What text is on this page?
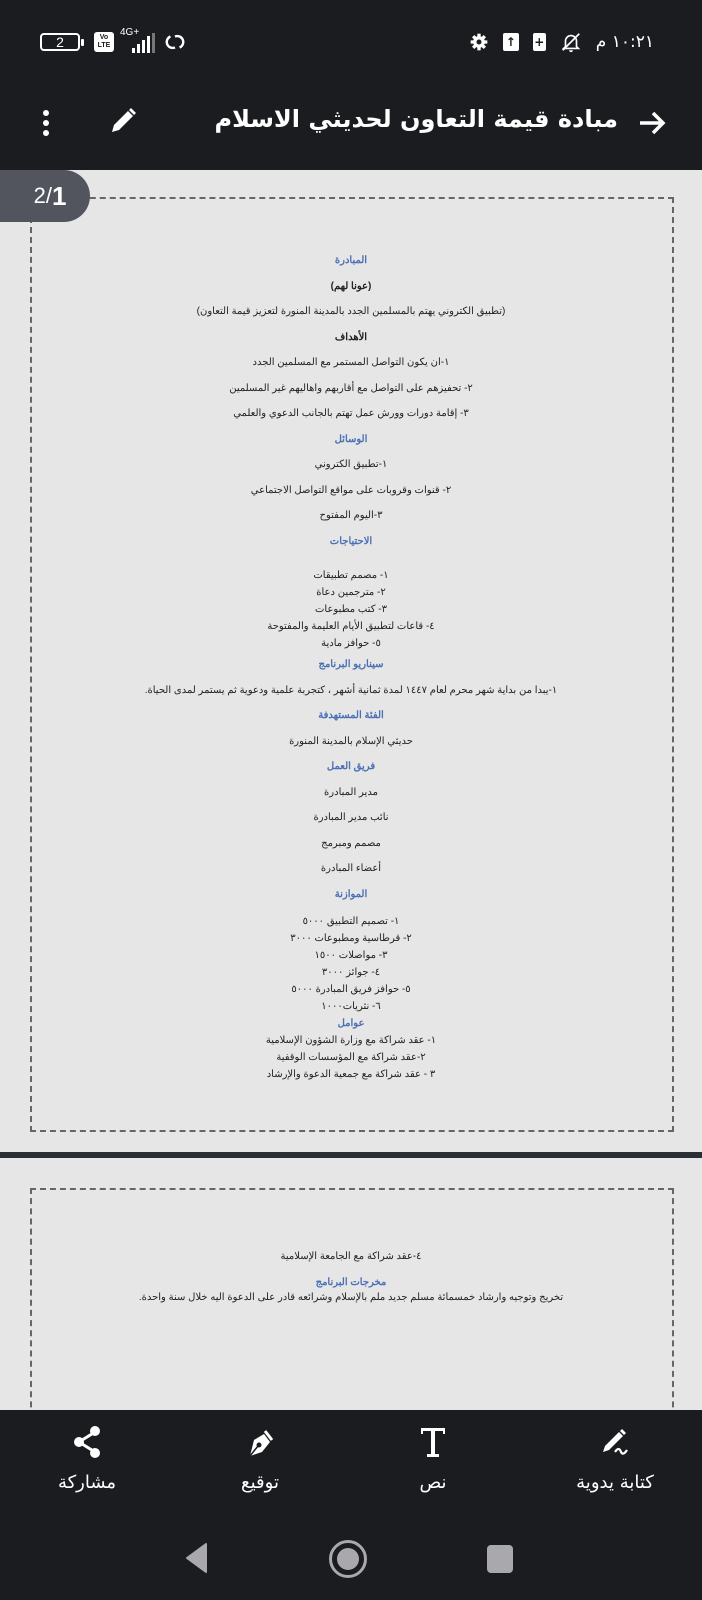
2	Vo
LTE
4G+
↑ +	١٠:٢١ م
مبادة قيمة التعاون لحديثي الاسلام
المبادرة
(عونا لهم)
(تطبيق الكتروني يهتم بالمسلمين الجدد بالمدينة المنورة لتعزيز قيمة التعاون)
الأهداف
١-ان يكون التواصل المستمر مع المسلمين الجدد
٢- تحفيزهم على التواصل مع أقاربهم واهاليهم غير المسلمين
٣- إقامة دورات وورش عمل تهتم بالجانب الدعوي والعلمي
الوسائل
١-تطبيق الكتروني
٢- قنوات وقروبات على مواقع التواصل الاجتماعي
٣-اليوم المفتوح
الاحتياجات
١- مصمم تطبيقات
٢- مترجمين دعاة
٣- كتب مطبوعات
٤- قاعات لتطبيق الأيام العليمة والمفتوحة
٥- حوافز مادية
سيناريو البرنامج
١-يبدا من بداية شهر محرم لعام ١٤٤٧ لمدة ثمانية أشهر ، كتجربة علمية ودعوية ثم يستمر لمدى الحياة.
الفئة المستهدفة
حديثي الإسلام بالمدينة المنورة
فريق العمل
مدير المبادرة
نائب مدير المبادرة
مصمم ومبرمج
أعضاء المبادرة
الموازنة
١- تصميم التطبيق ٥٠٠٠
٢- قرطاسية ومطبوعات ٣٠٠٠
٣- مواصلات ١٥٠٠
٤- جوائز ٣٠٠٠
٥- حوافز فريق المبادرة ٥٠٠٠
٦- نثريات١٠٠٠
عوامل
١- عقد شراكة مع وزارة الشؤون الإسلامية
٢-عقد شراكة مع المؤسسات الوقفية
٣ - عقد شراكة مع جمعية الدعوة والإرشاد
٤-عقد شراكة مع الجامعة الإسلامية
مخرجات البرنامج
تخريج وتوجيه وارشاد خمسمائة مسلم جديد ملم بالإسلام وشرائعه قادر على الدعوة اليه خلال سنة واحدة.
2/ 1
مشاركة	توقيع	نص	كتابة يدوية
